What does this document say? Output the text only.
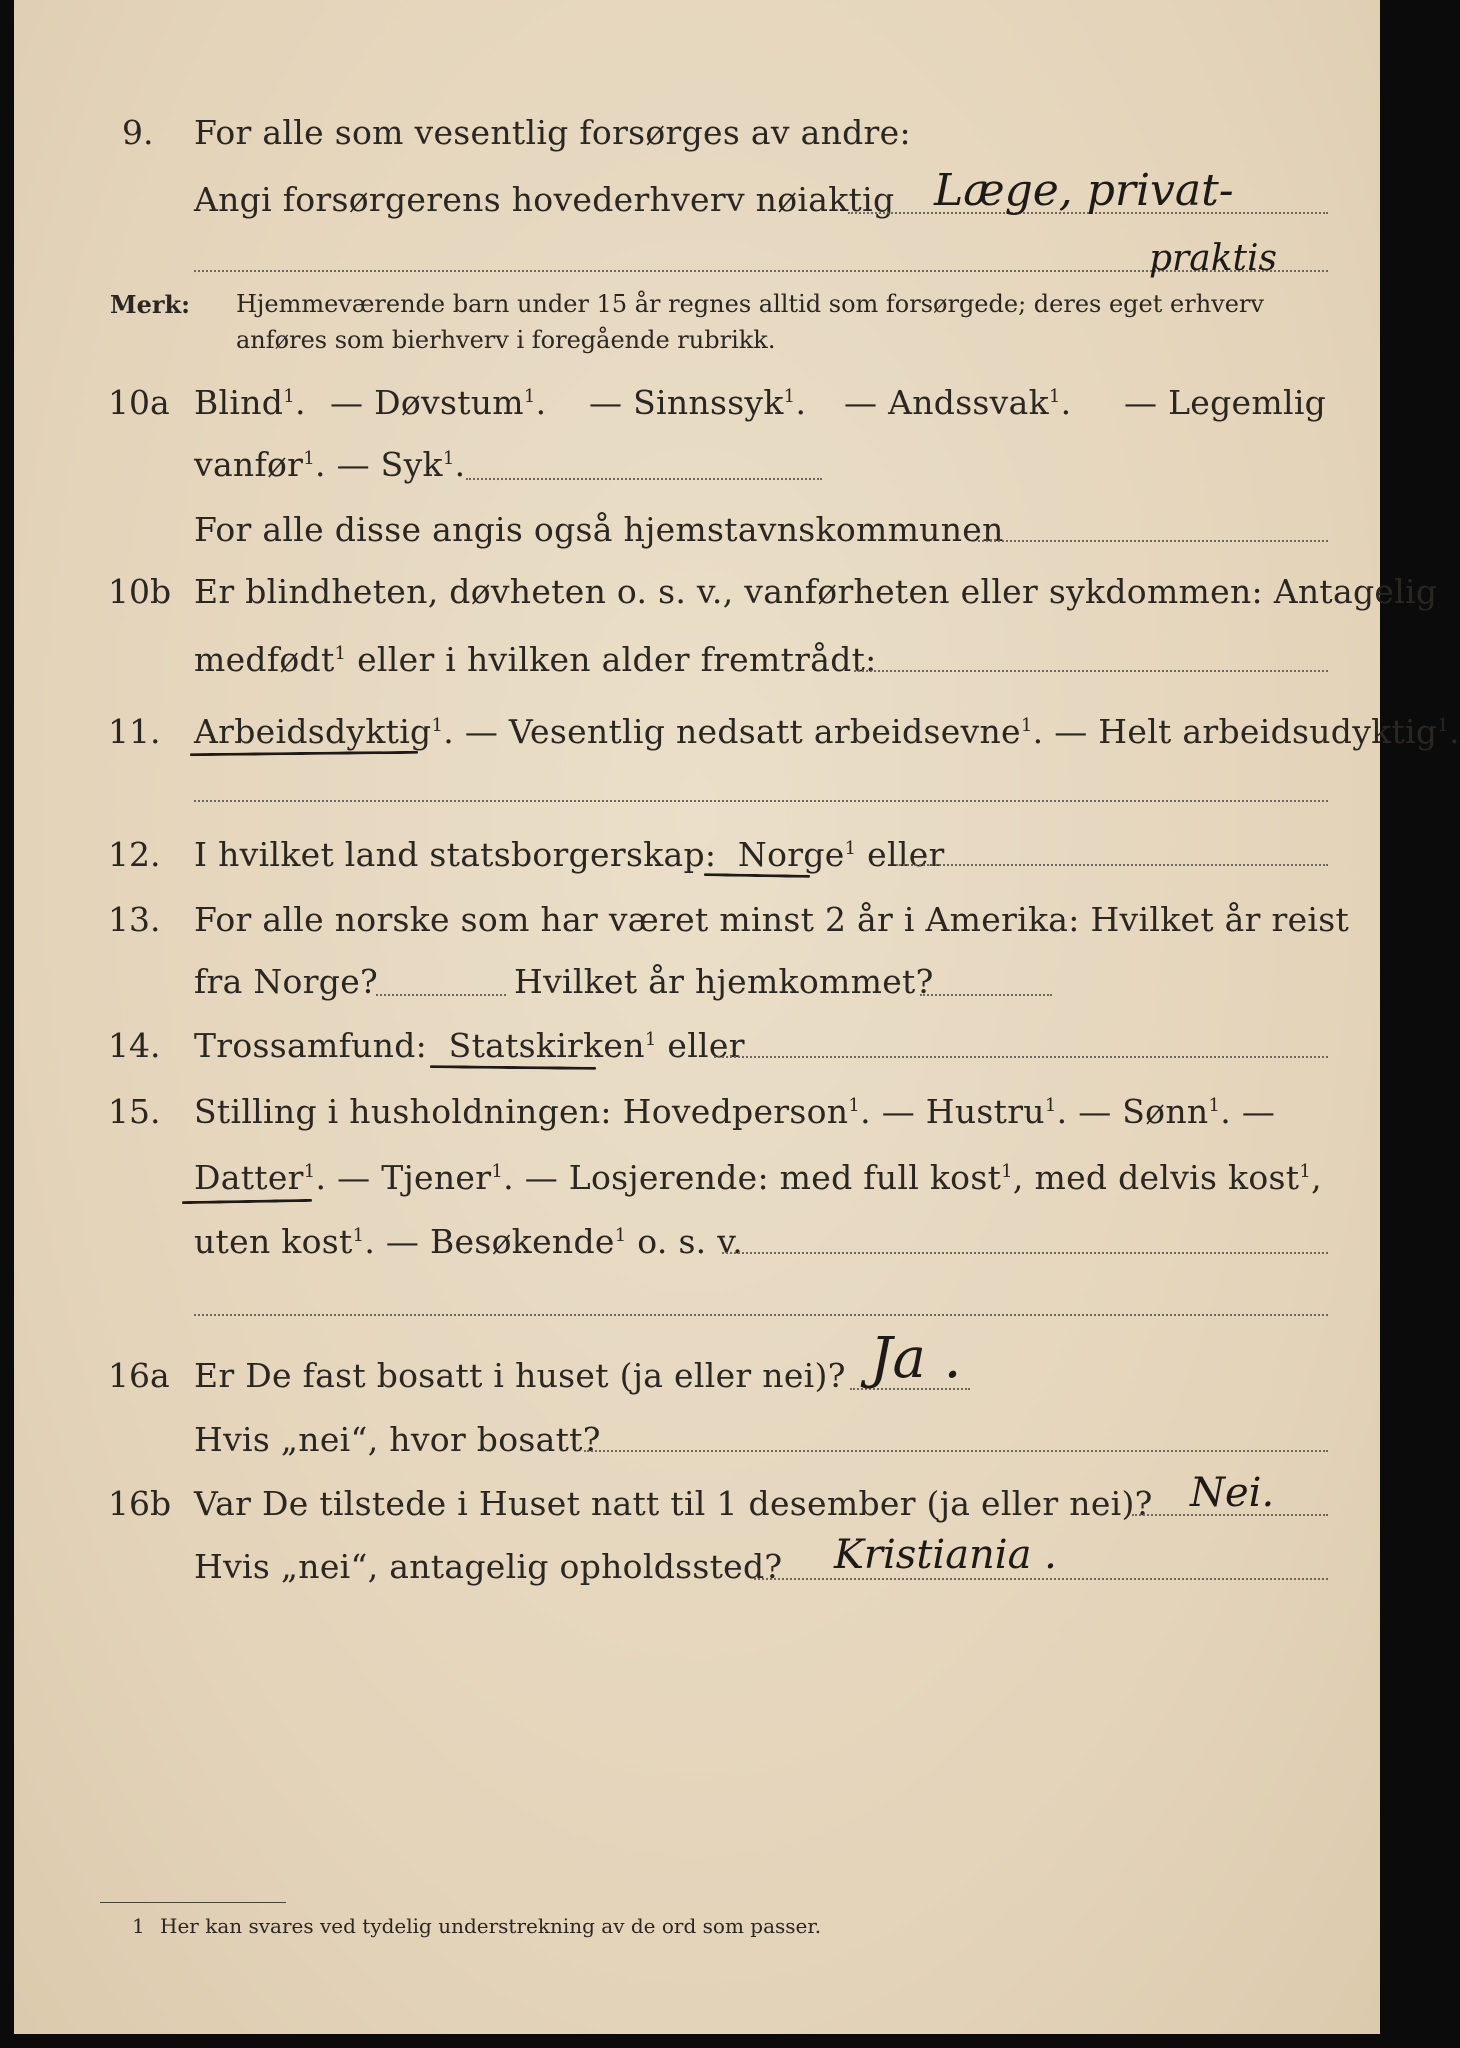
9. For alle som vesentlig forsørges av andre:
Angi forsørgerens hovederhverv nøiaktig Læge, privat-
praktis
Merk: Hjemmeværende barn under 15 år regnes alltid som forsørgede; deres eget erhverv
anføres som bierhverv i foregående rubrikk.
10a Blind$^1$. — Døvstum$^1$. — Sinnssyk$^1$. — Andssvak$^1$. — Legemlig
vanfør$^1$. — Syk$^1$.
For alle disse angis også hjemstavnskommunen
10b Er blindheten, døvheten o. s. v., vanførheten eller sykdommen: Antagelig
medfødt$^1$ eller i hvilken alder fremtrådt:
11. Arbeidsdyktig$^1$. — Vesentlig nedsatt arbeidsevne$^1$. — Helt arbeidsudyktig$^1$.
12. I hvilket land statsborgerskap: Norge$^1$ eller
13. For alle norske som har været minst 2 år i Amerika: Hvilket år reist
fra Norge?	Hvilket år hjemkommet?
14. Trossamfund: Statskirken$^1$ eller
15. Stilling i husholdningen: Hovedperson$^1$. — Hustru$^1$. — Sønn$^1$. —
Datter$^1$. — Tjener$^1$. — Losjerende: med full kost$^1$, med delvis kost$^1$,
uten kost$^1$. — Besøkende$^1$ o. s. v.
16a Er De fast bosatt i huset (ja eller nei)? Ja .
Hvis „nei“, hvor bosatt?
16b Var De tilstede i Huset natt til 1 desember (ja eller nei)? Nei.
Hvis „nei“, antagelig opholdssted? Kristiania .
1 Her kan svares ved tydelig understrekning av de ord som passer.
